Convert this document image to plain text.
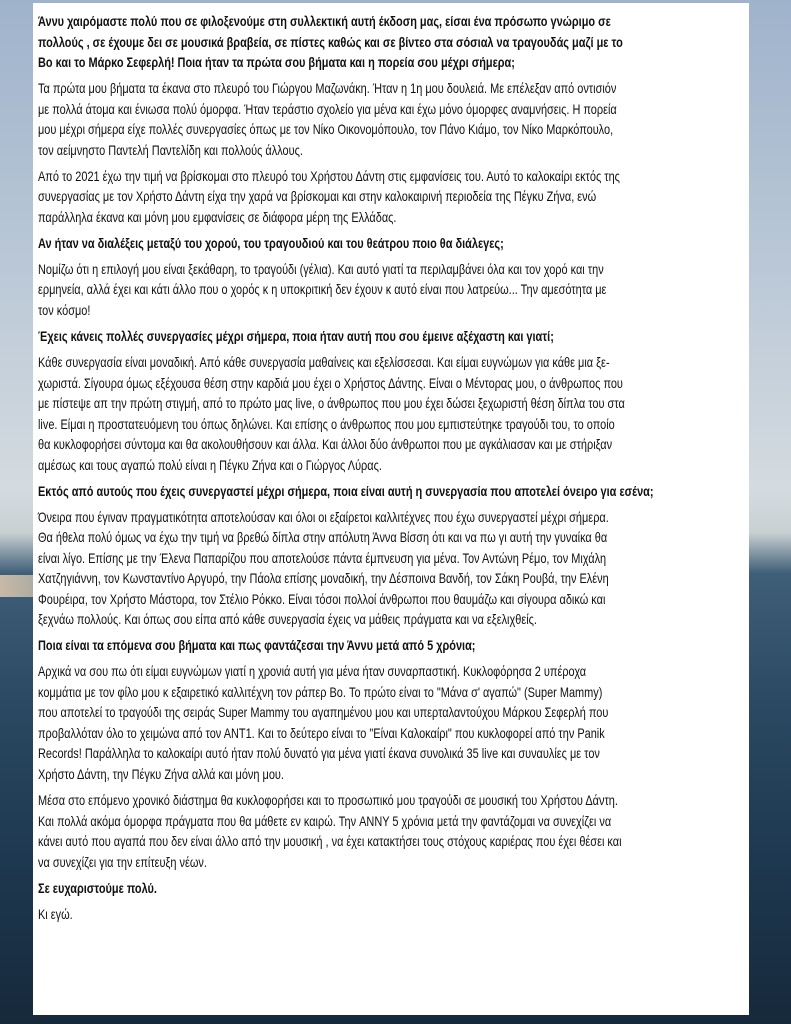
Άννυ χαιρόμαστε πολύ που σε φιλοξενούμε στη συλλεκτική αυτή έκδοση μας, είσαι ένα πρόσωπο γνώριμο σε
πολλούς , σε έχουμε δει σε μουσικά βραβεία, σε πίστες καθώς και σε βίντεο στα σόσιαλ να τραγουδάς μαζί με το
Bo και το Μάρκο Σεφερλή! Ποια ήταν τα πρώτα σου βήματα και η πορεία σου μέχρι σήμερα;
Τα πρώτα μου βήματα τα έκανα στο πλευρό του Γιώργου Μαζωνάκη. Ήταν η 1η μου δουλειά. Με επέλεξαν από οντισιόν
με πολλά άτομα και ένιωσα πολύ όμορφα. Ήταν τεράστιο σχολείο για μένα και έχω μόνο όμορφες αναμνήσεις. Η πορεία
μου μέχρι σήμερα είχε πολλές συνεργασίες όπως με τον Νίκο Οικονομόπουλο, τον Πάνο Κιάμο, τον Νίκο Μαρκόπουλο,
τον αείμνηστο Παντελή Παντελίδη και πολλούς άλλους.
Από το 2021 έχω την τιμή να βρίσκομαι στο πλευρό του Χρήστου Δάντη στις εμφανίσεις του. Αυτό το καλοκαίρι εκτός της
συνεργασίας με τον Χρήστο Δάντη είχα την χαρά να βρίσκομαι και στην καλοκαιρινή περιοδεία της Πέγκυ Ζήνα, ενώ
παράλληλα έκανα και μόνη μου εμφανίσεις σε διάφορα μέρη της Ελλάδας.
Αν ήταν να διαλέξεις μεταξύ του χορού, του τραγουδιού και του θεάτρου ποιο θα διάλεγες;
Νομίζω ότι η επιλογή μου είναι ξεκάθαρη, το τραγούδι (γέλια). Και αυτό γιατί τα περιλαμβάνει όλα και τον χορό και την
ερμηνεία, αλλά έχει και κάτι άλλο που ο χορός κ η υποκριτική δεν έχουν κ αυτό είναι που λατρεύω... Την αμεσότητα με
τον κόσμο!
Έχεις κάνεις πολλές συνεργασίες μέχρι σήμερα, ποια ήταν αυτή που σου έμεινε αξέχαστη και γιατί;
Κάθε συνεργασία είναι μοναδική. Από κάθε συνεργασία μαθαίνεις και εξελίσσεσαι. Και είμαι ευγνώμων για κάθε μια ξε-
χωριστά. Σίγουρα όμως εξέχουσα θέση στην καρδιά μου έχει ο Χρήστος Δάντης. Είναι ο Μέντορας μου, ο άνθρωπος που
με πίστεψε απ την πρώτη στιγμή, από το πρώτο μας live, ο άνθρωπος που μου έχει δώσει ξεχωριστή θέση δίπλα του στα
live. Είμαι η προστατευόμενη του όπως δηλώνει. Και επίσης ο άνθρωπος που μου εμπιστεύτηκε τραγούδι του, το οποίο
θα κυκλοφορήσει σύντομα και θα ακολουθήσουν και άλλα. Και άλλοι δύο άνθρωποι που με αγκάλιασαν και με στήριξαν
αμέσως και τους αγαπώ πολύ είναι η Πέγκυ Ζήνα και ο Γιώργος Λύρας.
Εκτός από αυτούς που έχεις συνεργαστεί μέχρι σήμερα, ποια είναι αυτή η συνεργασία που αποτελεί όνειρο για εσένα;
Όνειρα που έγιναν πραγματικότητα αποτελούσαν και όλοι οι εξαίρετοι καλλιτέχνες που έχω συνεργαστεί μέχρι σήμερα.
Θα ήθελα πολύ όμως να έχω την τιμή να βρεθώ δίπλα στην απόλυτη Άννα Βίσση ότι και να πω γι αυτή την γυναίκα θα
είναι λίγο. Επίσης με την Έλενα Παπαρίζου που αποτελούσε πάντα έμπνευση για μένα. Τον Αντώνη Ρέμο, τον Μιχάλη
Χατζηγιάννη, τον Κωνσταντίνο Αργυρό, την Πάολα επίσης μοναδική, την Δέσποινα Βανδή, τον Σάκη Ρουβά, την Ελένη
Φουρέιρα, τον Χρήστο Μάστορα, τον Στέλιο Ρόκκο. Είναι τόσοι πολλοί άνθρωποι που θαυμάζω και σίγουρα αδικώ και
ξεχνάω πολλούς. Και όπως σου είπα από κάθε συνεργασία έχεις να μάθεις πράγματα και να εξελιχθείς.
Ποια είναι τα επόμενα σου βήματα και πως φαντάζεσαι την Άννυ μετά από 5 χρόνια;
Αρχικά να σου πω ότι είμαι ευγνώμων γιατί η χρονιά αυτή για μένα ήταν συναρπαστική. Κυκλοφόρησα 2 υπέροχα
κομμάτια με τον φίλο μου κ εξαιρετικό καλλιτέχνη τον ράπερ Bo. Το πρώτο είναι το "Μάνα σ' αγαπώ" (Super Mammy)
που αποτελεί το τραγούδι της σειράς Super Mammy του αγαπημένου μου και υπερταλαντούχου Μάρκου Σεφερλή που
προβαλλόταν όλο το χειμώνα από τον ΑΝΤ1. Και το δεύτερο είναι το "Είναι Καλοκαίρι" που κυκλοφορεί από την Panik
Records! Παράλληλα το καλοκαίρι αυτό ήταν πολύ δυνατό για μένα γιατί έκανα συνολικά 35 live και συναυλίες με τον
Χρήστο Δάντη, την Πέγκυ Ζήνα αλλά και μόνη μου.
Μέσα στο επόμενο χρονικό διάστημα θα κυκλοφορήσει και το προσωπικό μου τραγούδι σε μουσική του Χρήστου Δάντη.
Και πολλά ακόμα όμορφα πράγματα που θα μάθετε εν καιρώ. Την ANNY 5 χρόνια μετά την φαντάζομαι να συνεχίζει να
κάνει αυτό που αγαπά που δεν είναι άλλο από την μουσική , να έχει κατακτήσει τους στόχους καριέρας που έχει θέσει και
να συνεχίζει για την επίτευξη νέων.
Σε ευχαριστούμε πολύ.
Κι εγώ.
